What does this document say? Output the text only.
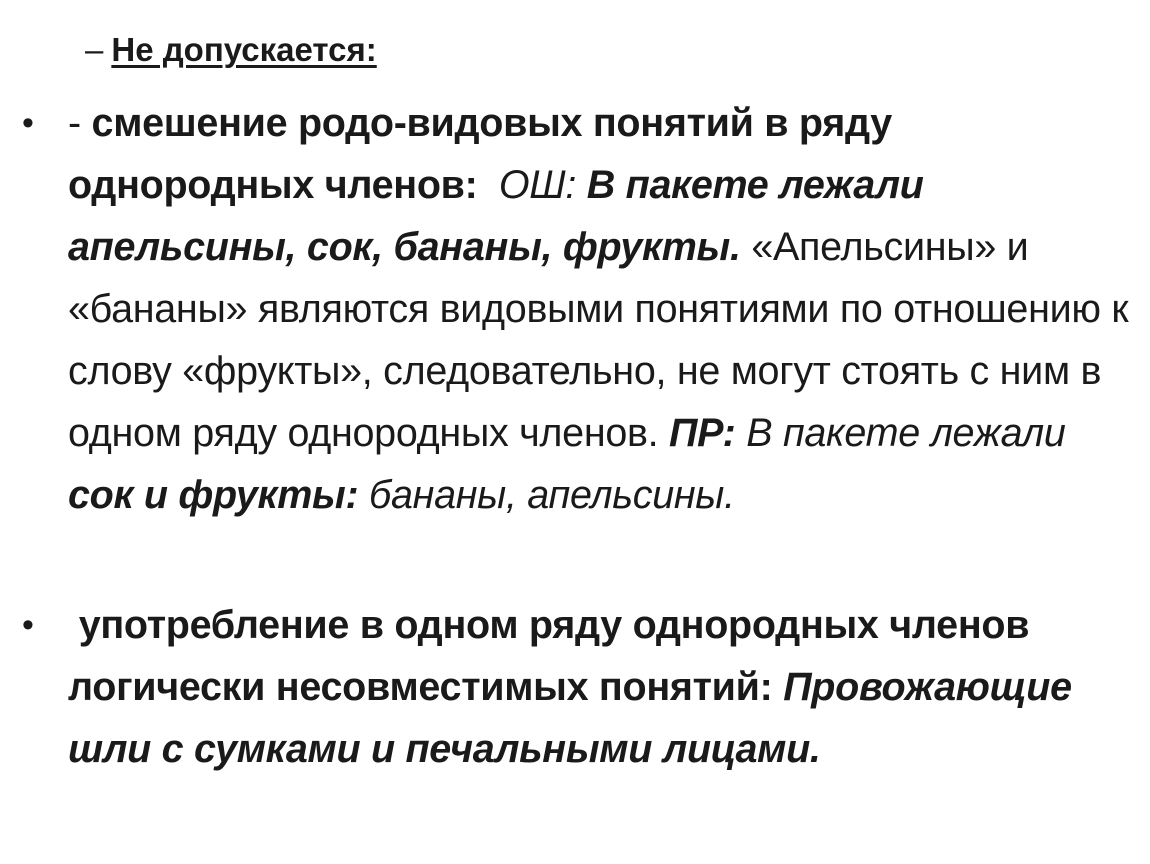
– Не допускается:
• - смешение родо-видовых понятий в ряду однородных членов: ОШ: В пакете лежали апельсины, сок, бананы, фрукты. «Апельсины» и «бананы» являются видовыми понятиями по отношению к слову «фрукты», следовательно, не могут стоять с ним в одном ряду однородных членов. ПР: В пакете лежали сок и фрукты: бананы, апельсины.
• употребление в одном ряду однородных членов логически несовместимых понятий: Провожающие шли с сумками и печальными лицами.
